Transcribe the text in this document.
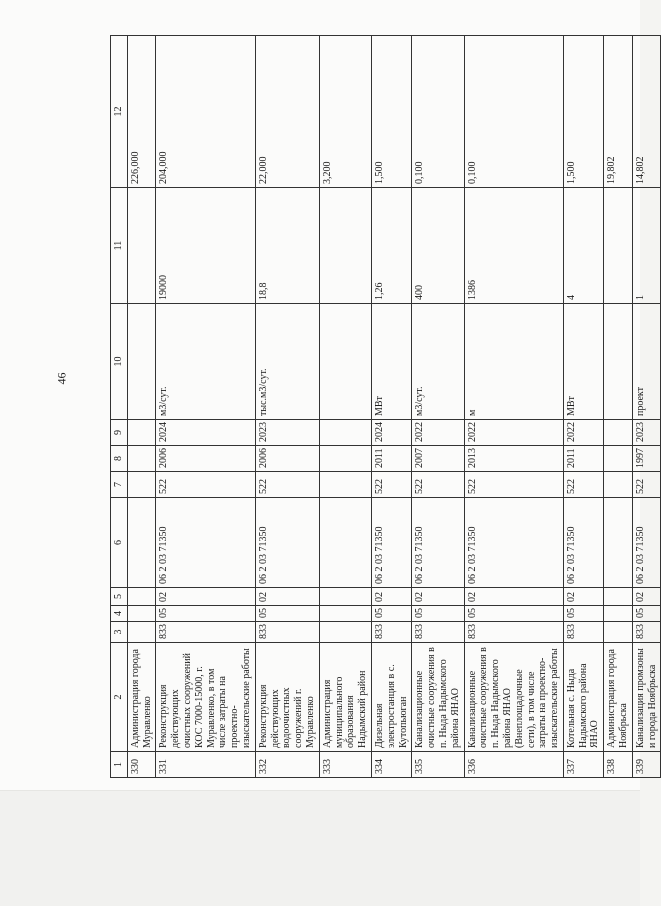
46
1	2	3	4	5	6	7	8	9	10	11	12
330	Администрация города Муравленко										226,000
331	Реконструкция действующих очистных сооружений КОС 7000-15000, г. Муравленко, в том числе затраты на проектно-изыскательские работы	833	05	02	06 2 03 71350	522	2006	2024	м3/сут.	19000	204,000
332	Реконструкция действующих водоочистных сооружений г. Муравленко	833	05	02	06 2 03 71350	522	2006	2023	тыс.м3/сут.	18,8	22,000
333	Администрация муниципального образования Надымский район										3,200
334	Дизельная электростанция в с. Кутопьюган	833	05	02	06 2 03 71350	522	2011	2024	МВт	1,26	1,500
335	Канализационные очистные сооружения в п. Ныда Надымского района ЯНАО	833	05	02	06 2 03 71350	522	2007	2022	м3/сут.	400	0,100
336	Канализационные очистные сооружения в п. Ныда Надымского района ЯНАО (Внеплощадочные сети), в том числе затраты на проектно-изыскательские работы	833	05	02	06 2 03 71350	522	2013	2022	м	1386	0,100
337	Котельная с. Ныда Надымского района ЯНАО	833	05	02	06 2 03 71350	522	2011	2022	МВт	4	1,500
338	Администрация города Ноябрьска										19,802
339	Канализация промзоны и города Ноябрьска	833	05	02	06 2 03 71350	522	1997	2023	проект	1	14,802
